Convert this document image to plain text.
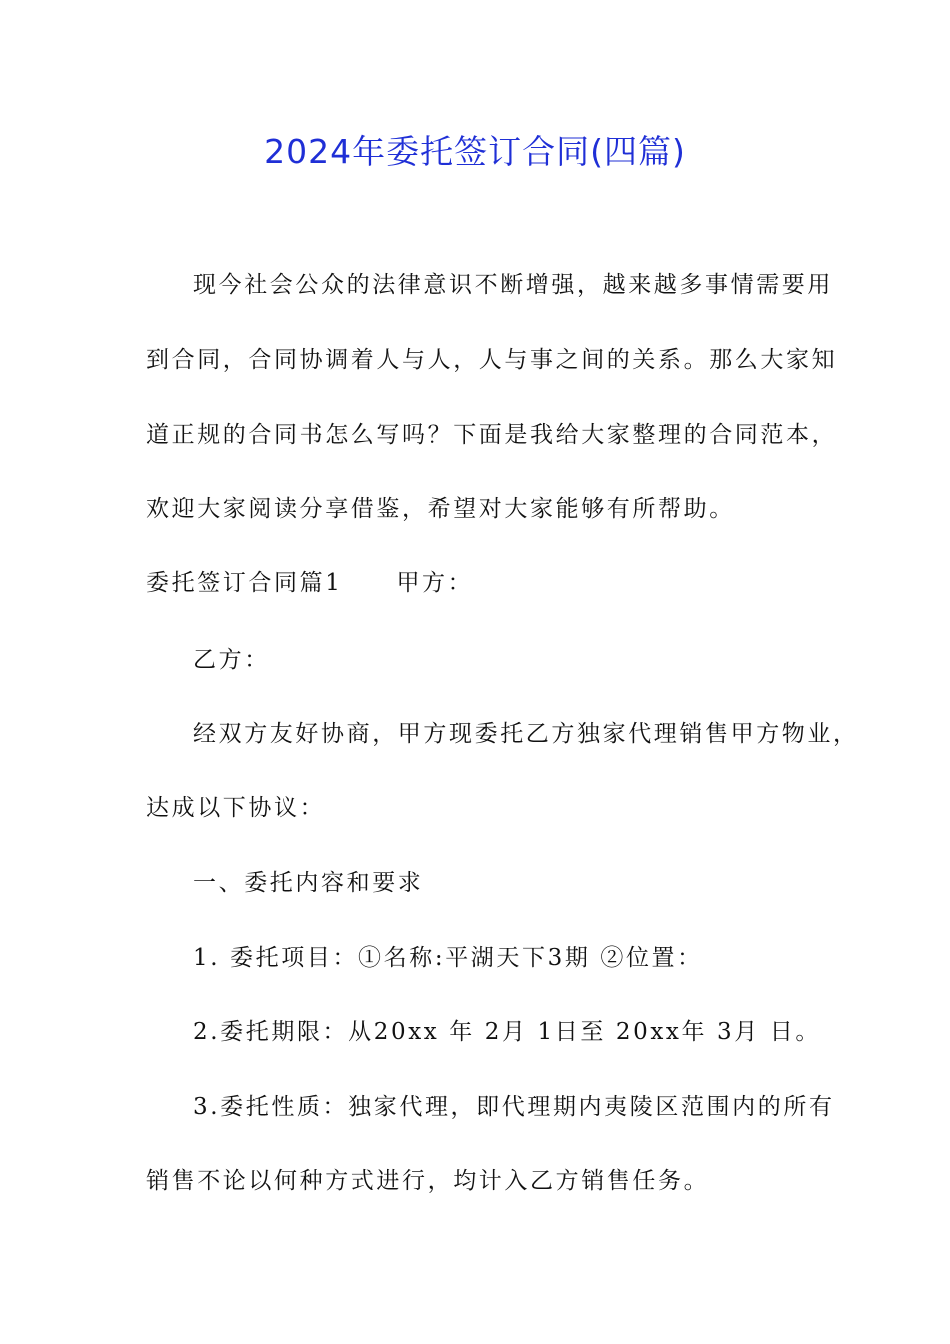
2024年委托签订合同(四篇)
现今社会公众的法律意识不断增强，越来越多事情需要用
到合同，合同协调着人与人，人与事之间的关系。那么大家知
道正规的合同书怎么写吗？下面是我给大家整理的合同范本，
欢迎大家阅读分享借鉴，希望对大家能够有所帮助。
委托签订合同篇1 甲方：
乙方：
经双方友好协商，甲方现委托乙方独家代理销售甲方物业，
达成以下协议：
一、委托内容和要求
1. 委托项目：①名称:平湖天下3期 ②位置：
2.委托期限：从20xx 年 2月 1日至 20xx年 3月 日。
3.委托性质：独家代理，即代理期内夷陵区范围内的所有
销售不论以何种方式进行，均计入乙方销售任务。
